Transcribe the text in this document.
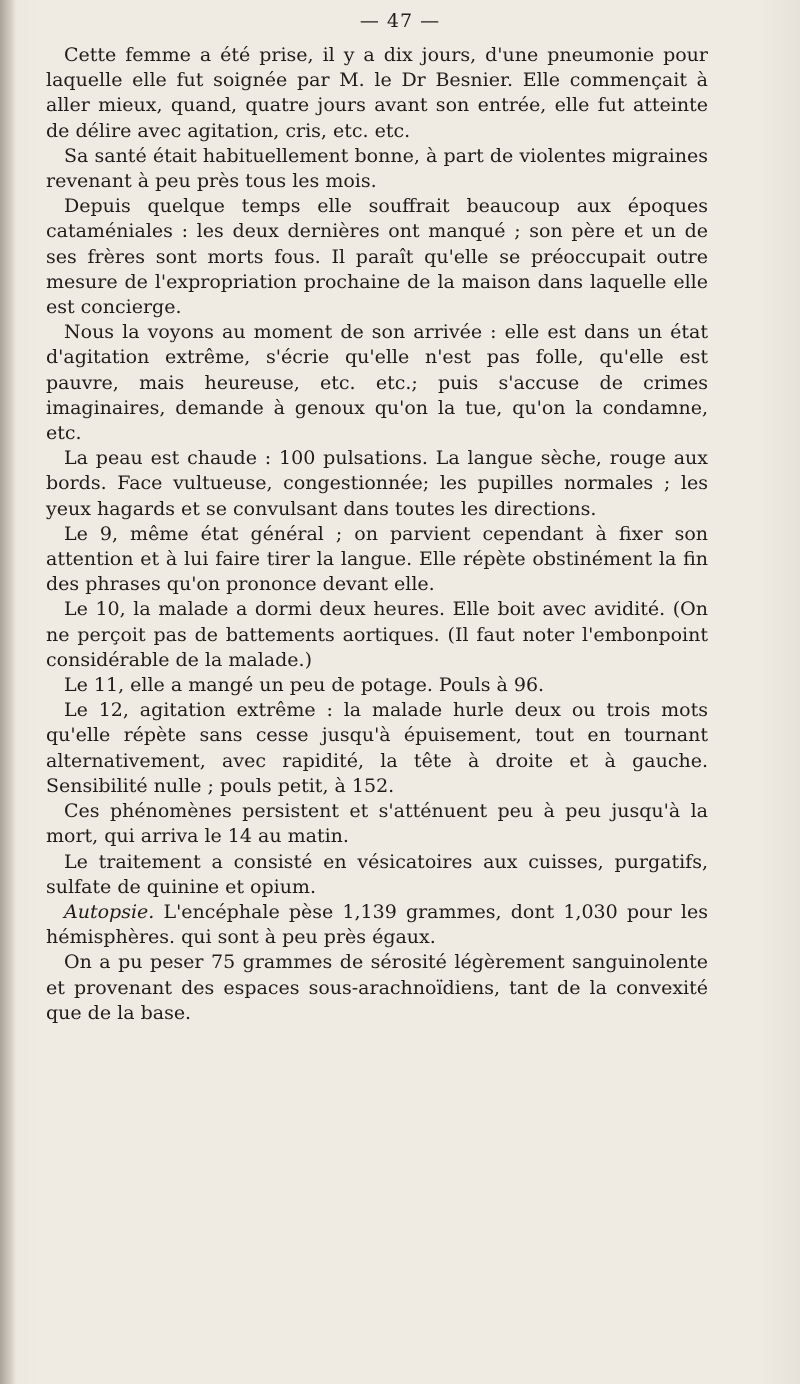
— 47 —

Cette femme a été prise, il y a dix jours, d'une pneumonie pour laquelle elle fut soignée par M. le Dr Besnier. Elle commençait à aller mieux, quand, quatre jours avant son entrée, elle fut atteinte de délire avec agitation, cris, etc. etc.

Sa santé était habituellement bonne, à part de violentes migraines revenant à peu près tous les mois.

Depuis quelque temps elle souffrait beaucoup aux époques cataméniales : les deux dernières ont manqué ; son père et un de ses frères sont morts fous. Il paraît qu'elle se préoccupait outre mesure de l'expropriation prochaine de la maison dans laquelle elle est concierge.

Nous la voyons au moment de son arrivée : elle est dans un état d'agitation extrême, s'écrie qu'elle n'est pas folle, qu'elle est pauvre, mais heureuse, etc. etc.; puis s'accuse de crimes imaginaires, demande à genoux qu'on la tue, qu'on la condamne, etc.

La peau est chaude : 100 pulsations. La langue sèche, rouge aux bords. Face vultueuse, congestionnée; les pupilles normales ; les yeux hagards et se convulsant dans toutes les directions.

Le 9, même état général ; on parvient cependant à fixer son attention et à lui faire tirer la langue. Elle répète obstinément la fin des phrases qu'on prononce devant elle.

Le 10, la malade a dormi deux heures. Elle boit avec avidité. (On ne perçoit pas de battements aortiques. (Il faut noter l'embonpoint considérable de la malade.)

Le 11, elle a mangé un peu de potage. Pouls à 96.

Le 12, agitation extrême : la malade hurle deux ou trois mots qu'elle répète sans cesse jusqu'à épuisement, tout en tournant alternativement, avec rapidité, la tête à droite et à gauche. Sensibilité nulle ; pouls petit, à 152.

Ces phénomènes persistent et s'atténuent peu à peu jusqu'à la mort, qui arriva le 14 au matin.

Le traitement a consisté en vésicatoires aux cuisses, purgatifs, sulfate de quinine et opium.

Autopsie. L'encéphale pèse 1,139 grammes, dont 1,030 pour les hémisphères. qui sont à peu près égaux.

On a pu peser 75 grammes de sérosité légèrement sanguinolente et provenant des espaces sous-arachnoïdiens, tant de la convexité que de la base.
